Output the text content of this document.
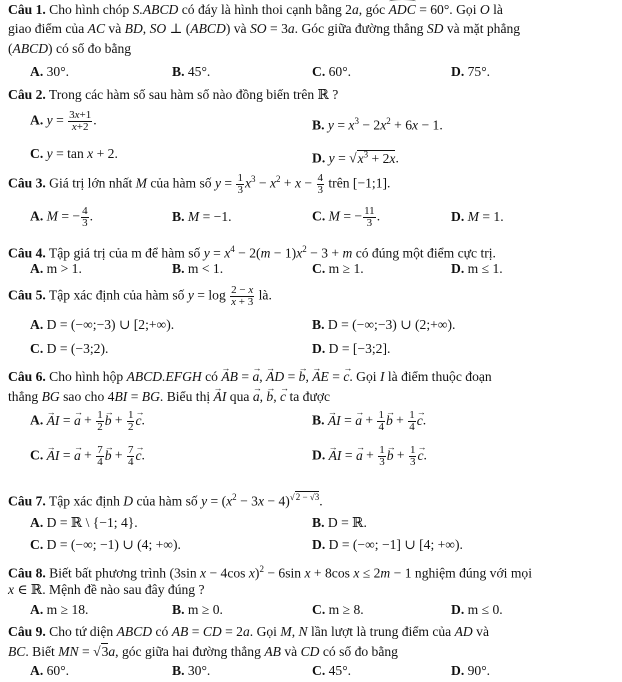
Câu 1. Cho hình chóp S.ABCD có đáy là hình thoi cạnh bằng 2a, góc ADC = 60°. Gọi O là
giao điểm của AC và BD, SO ⊥ (ABCD) và SO = 3a. Góc giữa đường thẳng SD và mặt phẳng
(ABCD) có số đo bằng
A. 30°.	B. 45°.	C. 60°.	D. 75°.
Câu 2. Trong các hàm số sau hàm số nào đồng biến trên ℝ ?
A. $y = \frac{3x+1}{x+2}$ .	B. $y = x^3 - 2x^2 + 6x - 1$.
C. y = tan x + 2.	D. $y = √x^3 + 2x$.
Câu 3. Giá trị lớn nhất M của hàm số $y = \frac{1}{3} x^3 - x^2 + x - \frac{4}{3}$ trên [−1;1].
A. M = − $\frac{4}{3}$ .	B. M = −1.	C. M = − $\frac{11}{3}$ .	D. M = 1.
Câu 4. Tập giá trị của m để hàm số $y = x^4 - 2(m - 1)x^2 - 3 + m$ có đúng một điểm cực trị.
A. m > 1.	B. m < 1.	C. m ≥ 1.	D. m ≤ 1.
Câu 5. Tập xác định của hàm số $y = \log \frac{2 - x}{x + 3}$ là.
A. D = (−∞;−3) ∪ [2;+∞).	B. D = (−∞;−3) ∪ (2;+∞).
C. D = (−3;2).	D. D = [−3;2].
Câu 6. Cho hình hộp ABCD.EFGH có → AB = → a, → AD = → b, → AE = → c. Gọi I là điểm thuộc đoạn
thẳng BG sao cho 4BI = BG. Biểu thị → AI qua → a, → b, → c ta được
A. → AI = → $a + \frac{1}{2}$
→ $b + \frac{1}{2}$
→ c.	B. → AI = → $a + \frac{1}{4}$
→ $b + \frac{1}{4}$
→ c.
C. → AI = → $a + \frac{7}{4}$
→ $b + \frac{7}{4}$
→ c.	D. → AI = → $a + \frac{1}{3}$
→ $b + \frac{1}{3}$
→ c.
Câu 7. Tập xác định D của hàm số $y = (x^2 - 3x - 4)^{√2 - √3}$.
A. D = ℝ \ {−1; 4}.	B. D = ℝ.
C. D = (−∞; −1) ∪ (4; +∞).	D. D = (−∞; −1] ∪ [4; +∞).
Câu 8. Biết bất phương trình (3sin x − 4cos x)$^2$ − 6sin x + 8cos x ≤ 2m − 1 nghiệm đúng với mọi
x ∈ ℝ. Mệnh đề nào sau đây đúng ?
A. m ≥ 18.	B. m ≥ 0.	C. m ≥ 8.	D. m ≤ 0.
Câu 9. Cho tứ diện ABCD có AB = CD = 2a. Gọi M, N lần lượt là trung điểm của AD và
BC. Biết MN = √3a, góc giữa hai đường thẳng AB và CD có số đo bằng
A. 60°.	B. 30°.	C. 45°.	D. 90°.
